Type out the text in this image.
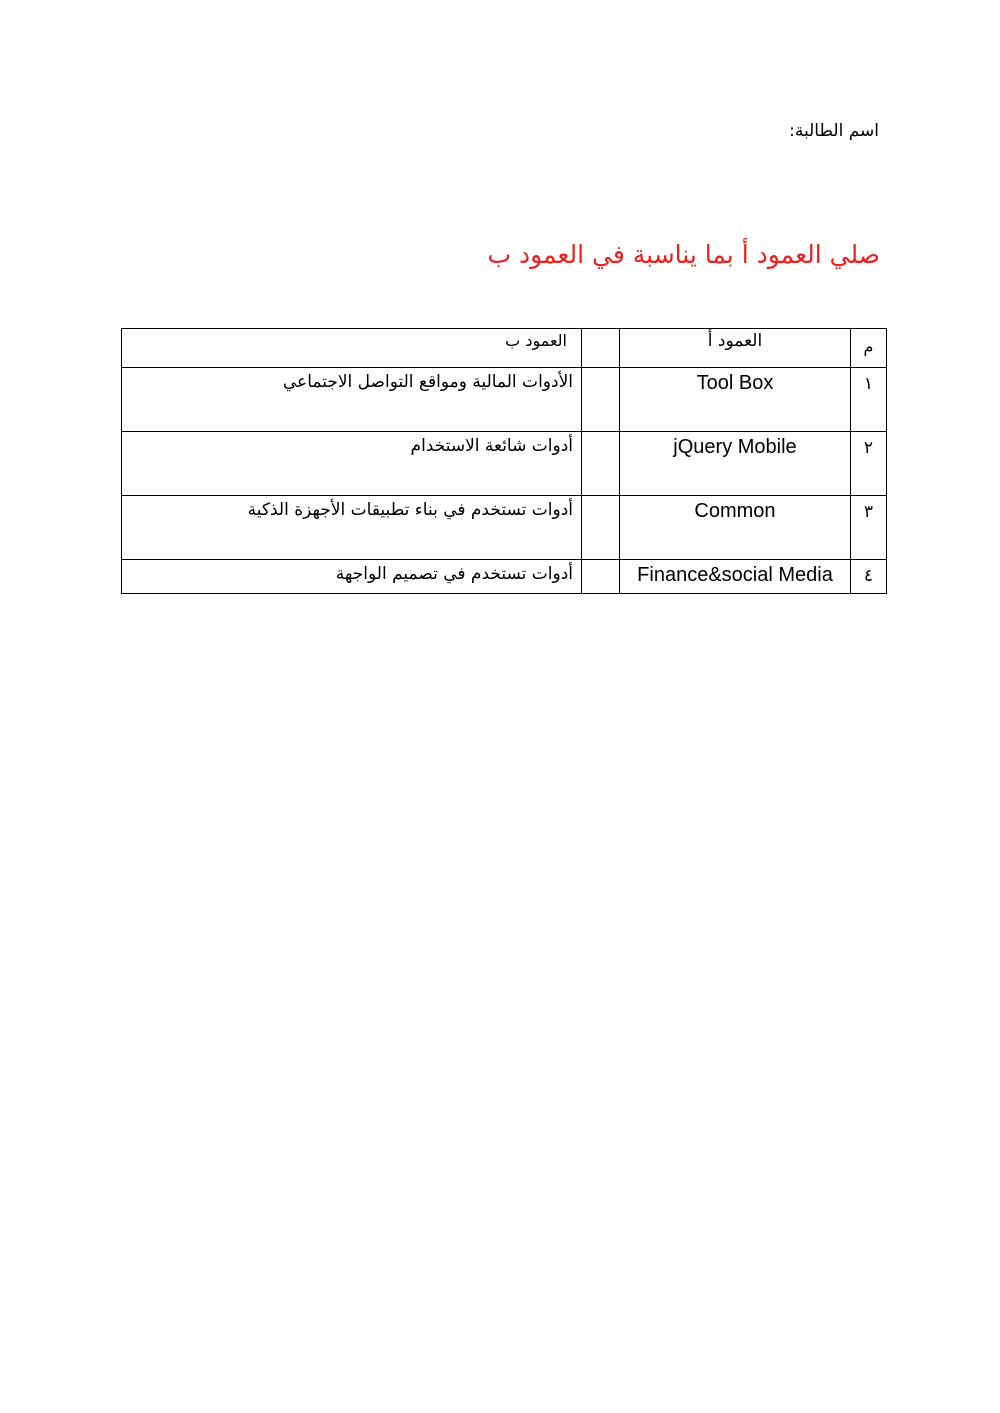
اسم الطالبة:
صلي العمود أ بما يناسبة في العمود ب
م	العمود أ		العمود ب
١	Tool Box		الأدوات المالية ومواقع التواصل الاجتماعي
٢	jQuery Mobile		أدوات شائعة الاستخدام
٣	Common		أدوات تستخدم في بناء تطبيقات الأجهزة الذكية
٤	Finance&social Media		أدوات تستخدم في تصميم الواجهة
